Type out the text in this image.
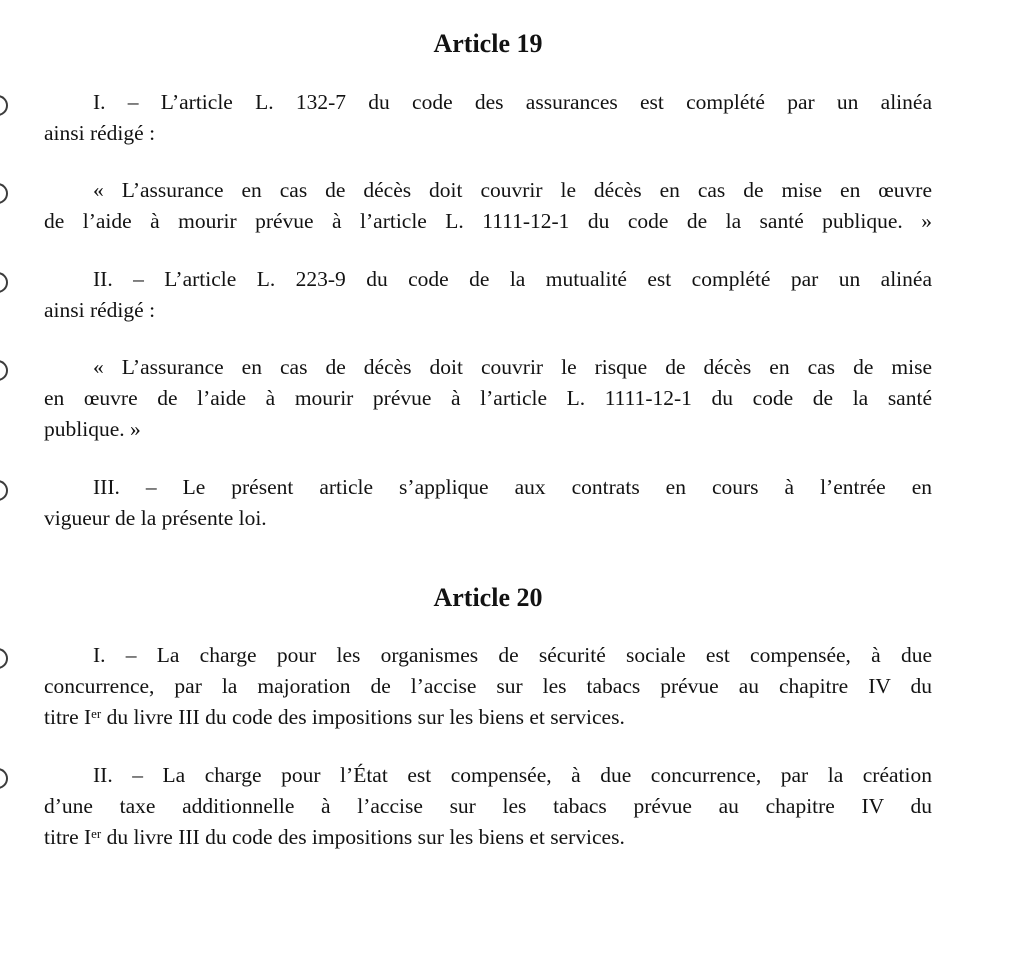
Article 19

I. – L’article L. 132-7 du code des assurances est complété par un alinéa
ainsi rédigé :

« L’assurance en cas de décès doit couvrir le décès en cas de mise en œuvre
de l’aide à mourir prévue à l’article L. 1111-12-1 du code de la santé publique. »

II. – L’article L. 223-9 du code de la mutualité est complété par un alinéa
ainsi rédigé :

« L’assurance en cas de décès doit couvrir le risque de décès en cas de mise
en œuvre de l’aide à mourir prévue à l’article L. 1111-12-1 du code de la santé
publique. »

III. – Le présent article s’applique aux contrats en cours à l’entrée en
vigueur de la présente loi.

Article 20

I. – La charge pour les organismes de sécurité sociale est compensée, à due
concurrence, par la majoration de l’accise sur les tabacs prévue au chapitre IV du
titre Ier du livre III du code des impositions sur les biens et services.

II. – La charge pour l’État est compensée, à due concurrence, par la création
d’une taxe additionnelle à l’accise sur les tabacs prévue au chapitre IV du
titre Ier du livre III du code des impositions sur les biens et services.
